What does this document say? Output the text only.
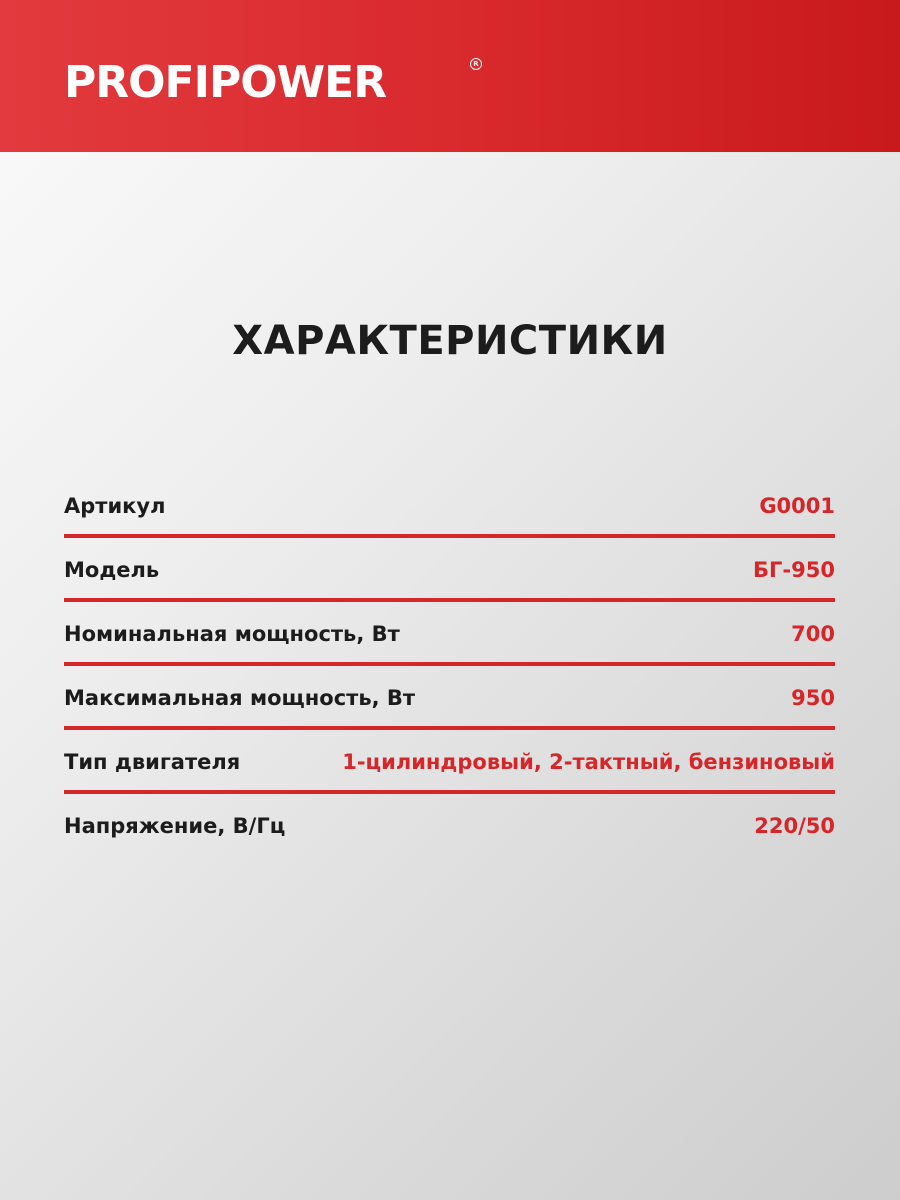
PROFIPOWER	R
ХАРАКТЕРИСТИКИ
Артикул	G0001
Модель	БГ-950
Номинальная мощность, Вт	700
Максимальная мощность, Вт	950
Тип двигателя	1-цилиндровый, 2-тактный, бензиновый
Напряжение, В/Гц	220/50
